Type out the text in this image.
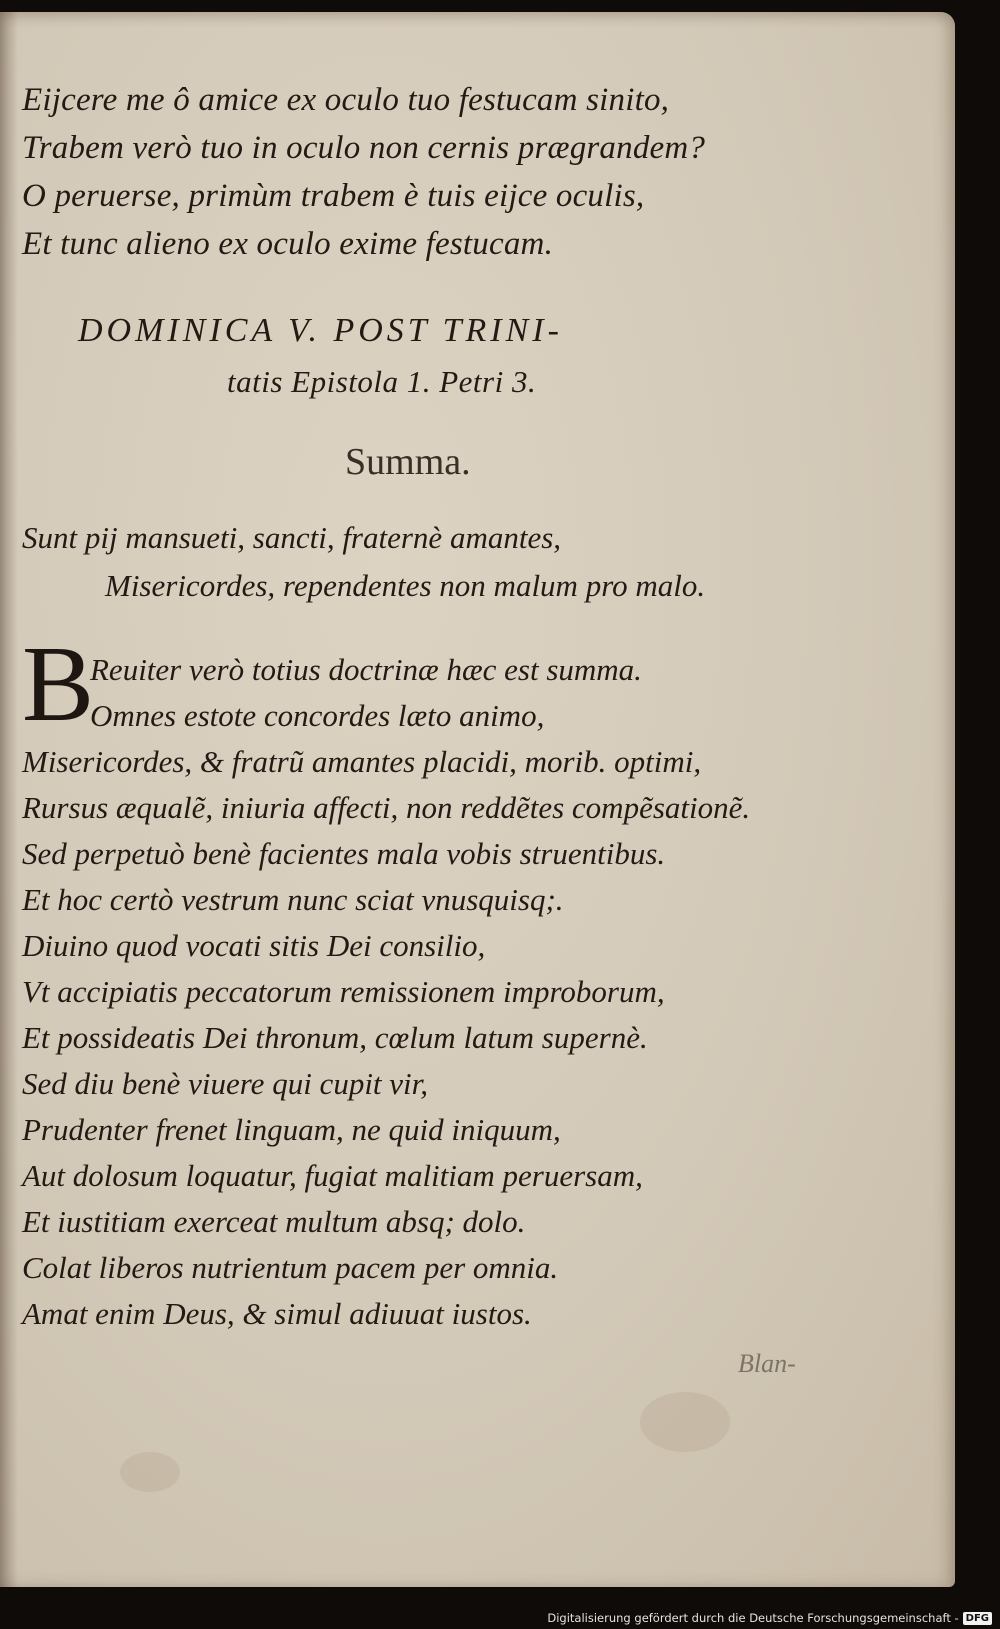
Eijcere me ô amice ex oculo tuo festucam sinito,

Trabem verò tuo in oculo non cernis prægrandem?

O peruerse, primùm trabem è tuis eijce oculis,

Et tunc alieno ex oculo exime festucam.

DOMINICA V. POST TRINI-

tatis Epistola 1. Petri 3.

Summa.

Sunt pij mansueti, sancti, fraternè amantes,

Misericordes, rependentes non malum pro malo.

B

Reuiter verò totius doctrinæ hæc est summa.

Omnes estote concordes læto animo,

Misericordes, & fratrũ amantes placidi, morib. optimi,

Rursus æqualẽ, iniuria affecti, non reddẽtes compẽsationẽ.

Sed perpetuò benè facientes mala vobis struentibus.

Et hoc certò vestrum nunc sciat vnusquisq;.

Diuino quod vocati sitis Dei consilio,

Vt accipiatis peccatorum remissionem improborum,

Et possideatis Dei thronum, cœlum latum supernè.

Sed diu benè viuere qui cupit vir,

Prudenter frenet linguam, ne quid iniquum,

Aut dolosum loquatur, fugiat malitiam peruersam,

Et iustitiam exerceat multum absq; dolo.

Colat liberos nutrientum pacem per omnia.

Amat enim Deus, & simul adiuuat iustos.

Blan-

Digitalisierung gefördert durch die Deutsche Forschungsgemeinschaft - DFG
